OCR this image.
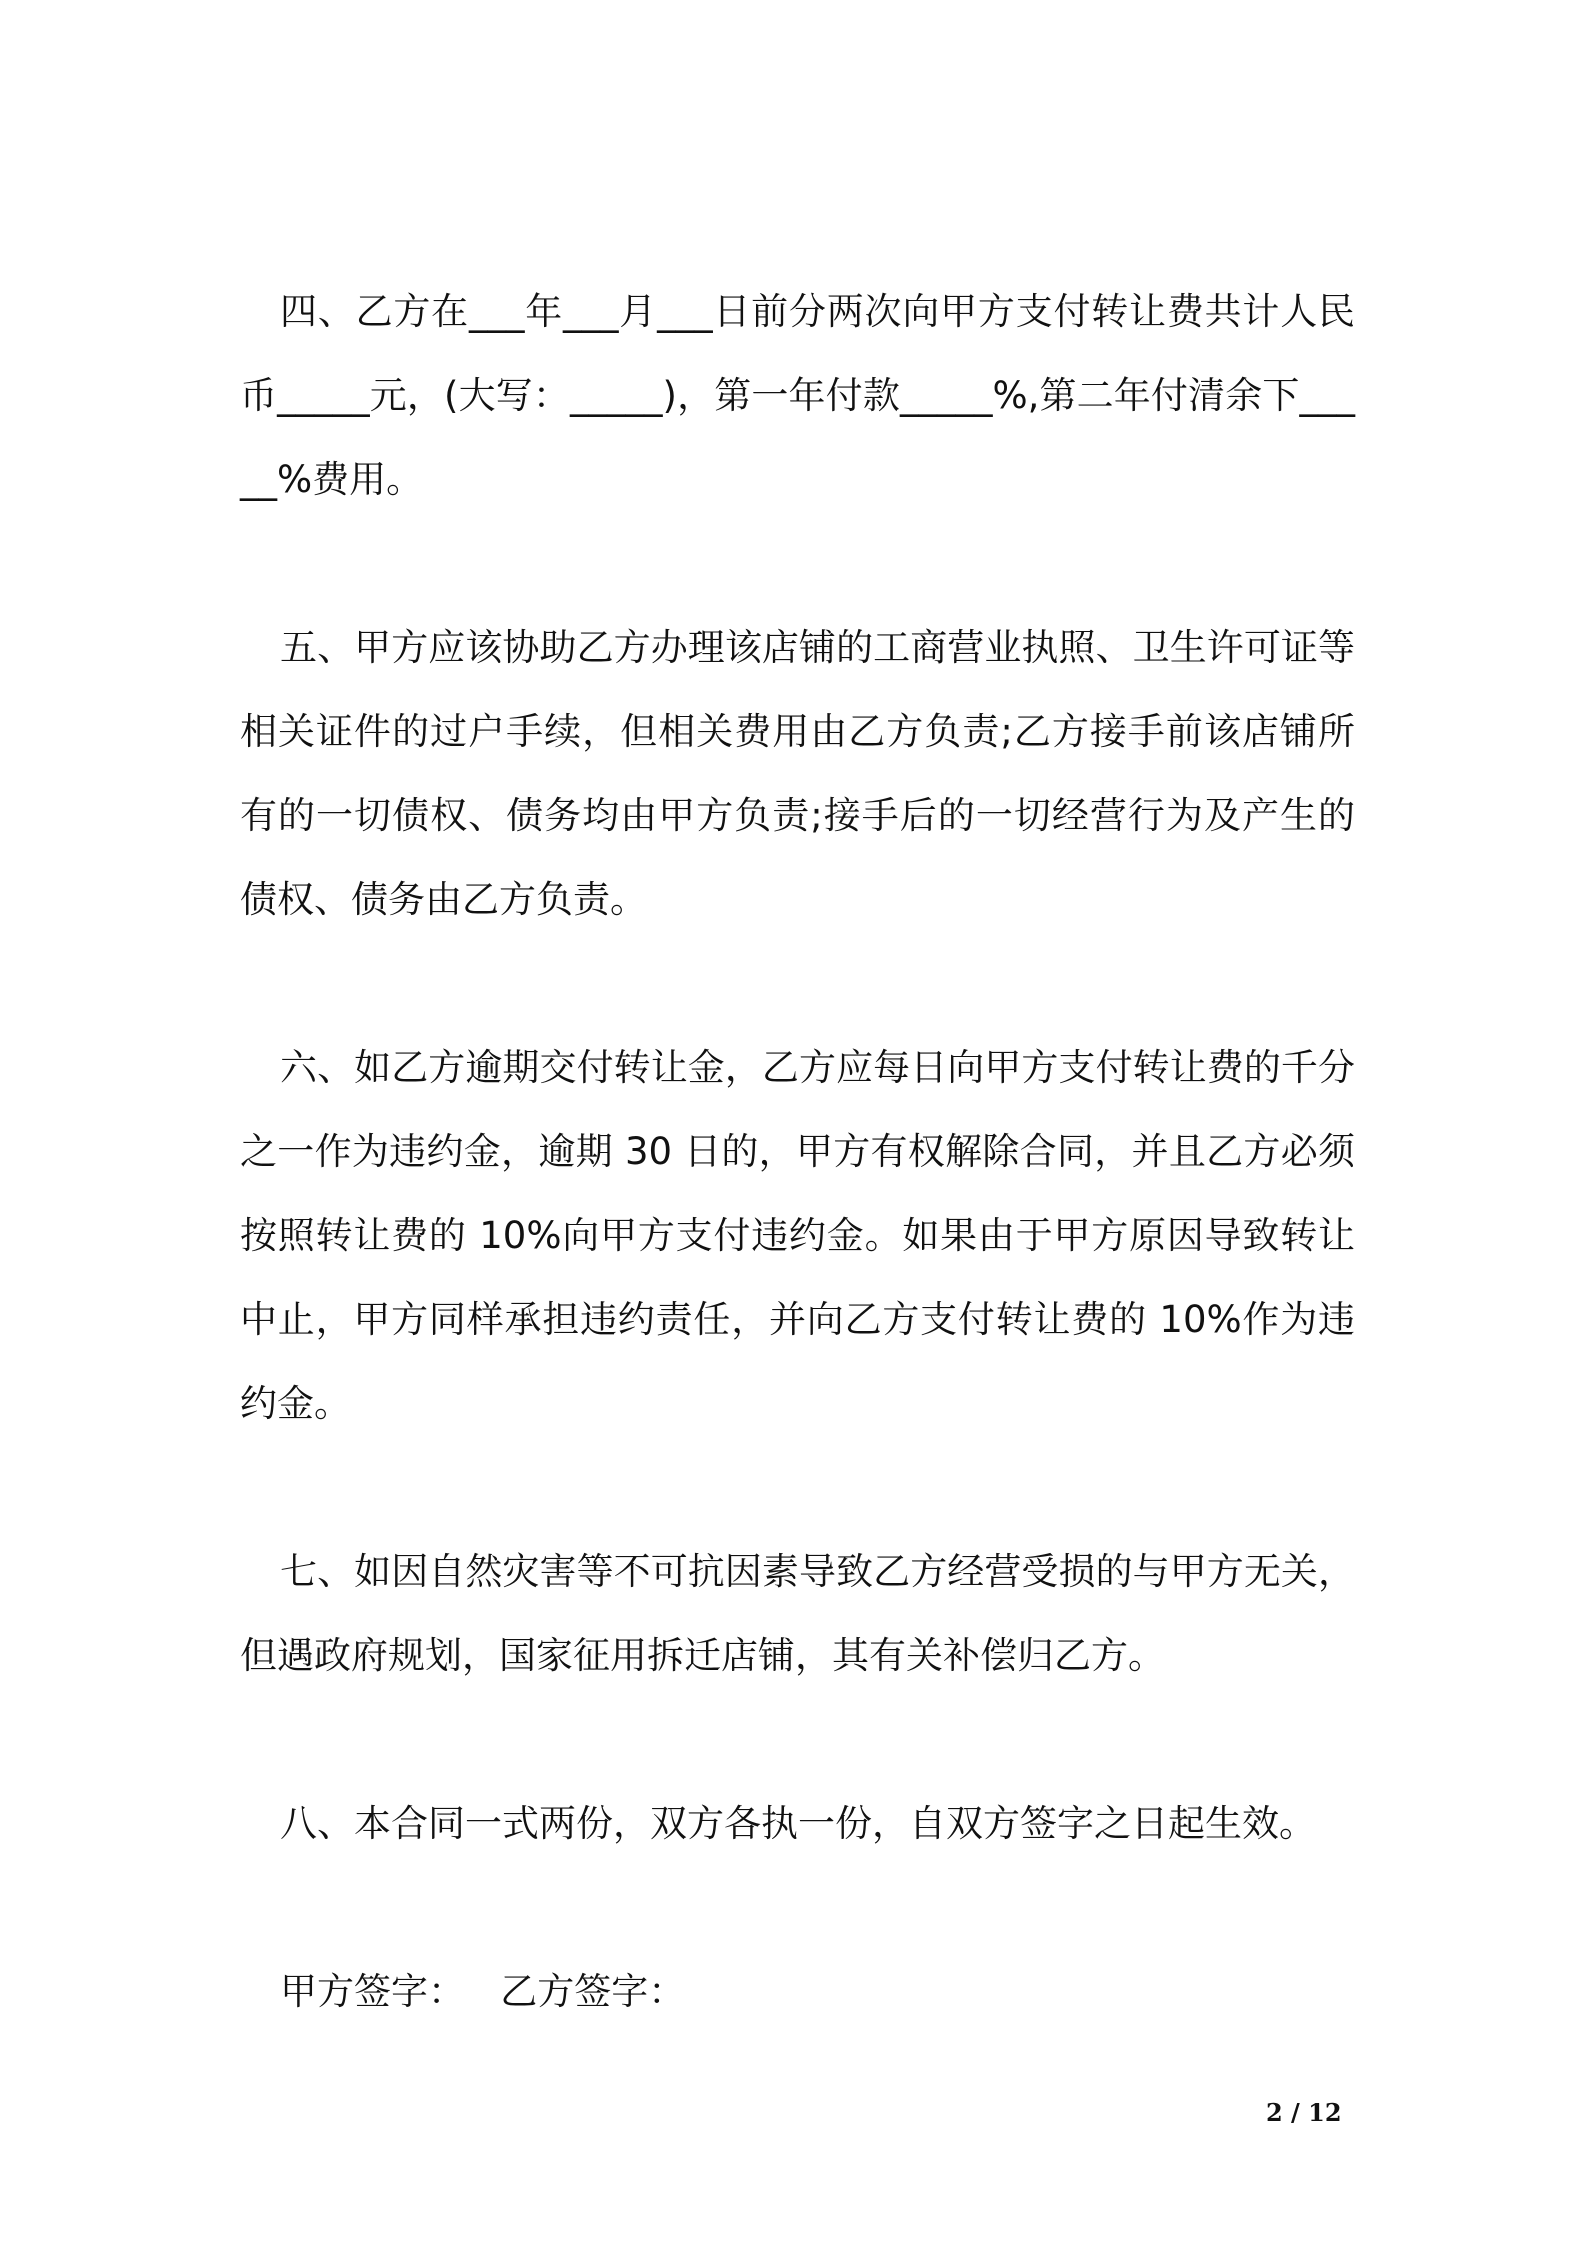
四、乙方在___年___月___日前分两次向甲方支付转让费共计人民币_____元，(大写：_____)，第一年付款_____%,第二年付清余下_____%费用。

五、甲方应该协助乙方办理该店铺的工商营业执照、卫生许可证等相关证件的过户手续，但相关费用由乙方负责;乙方接手前该店铺所有的一切债权、债务均由甲方负责;接手后的一切经营行为及产生的债权、债务由乙方负责。

六、如乙方逾期交付转让金，乙方应每日向甲方支付转让费的千分之一作为违约金，逾期 30 日的，甲方有权解除合同，并且乙方必须按照转让费的 10%向甲方支付违约金。如果由于甲方原因导致转让中止，甲方同样承担违约责任，并向乙方支付转让费的 10%作为违约金。

七、如因自然灾害等不可抗因素导致乙方经营受损的与甲方无关，但遇政府规划，国家征用拆迁店铺，其有关补偿归乙方。

八、本合同一式两份，双方各执一份，自双方签字之日起生效。

甲方签字： 乙方签字：

2 / 12
